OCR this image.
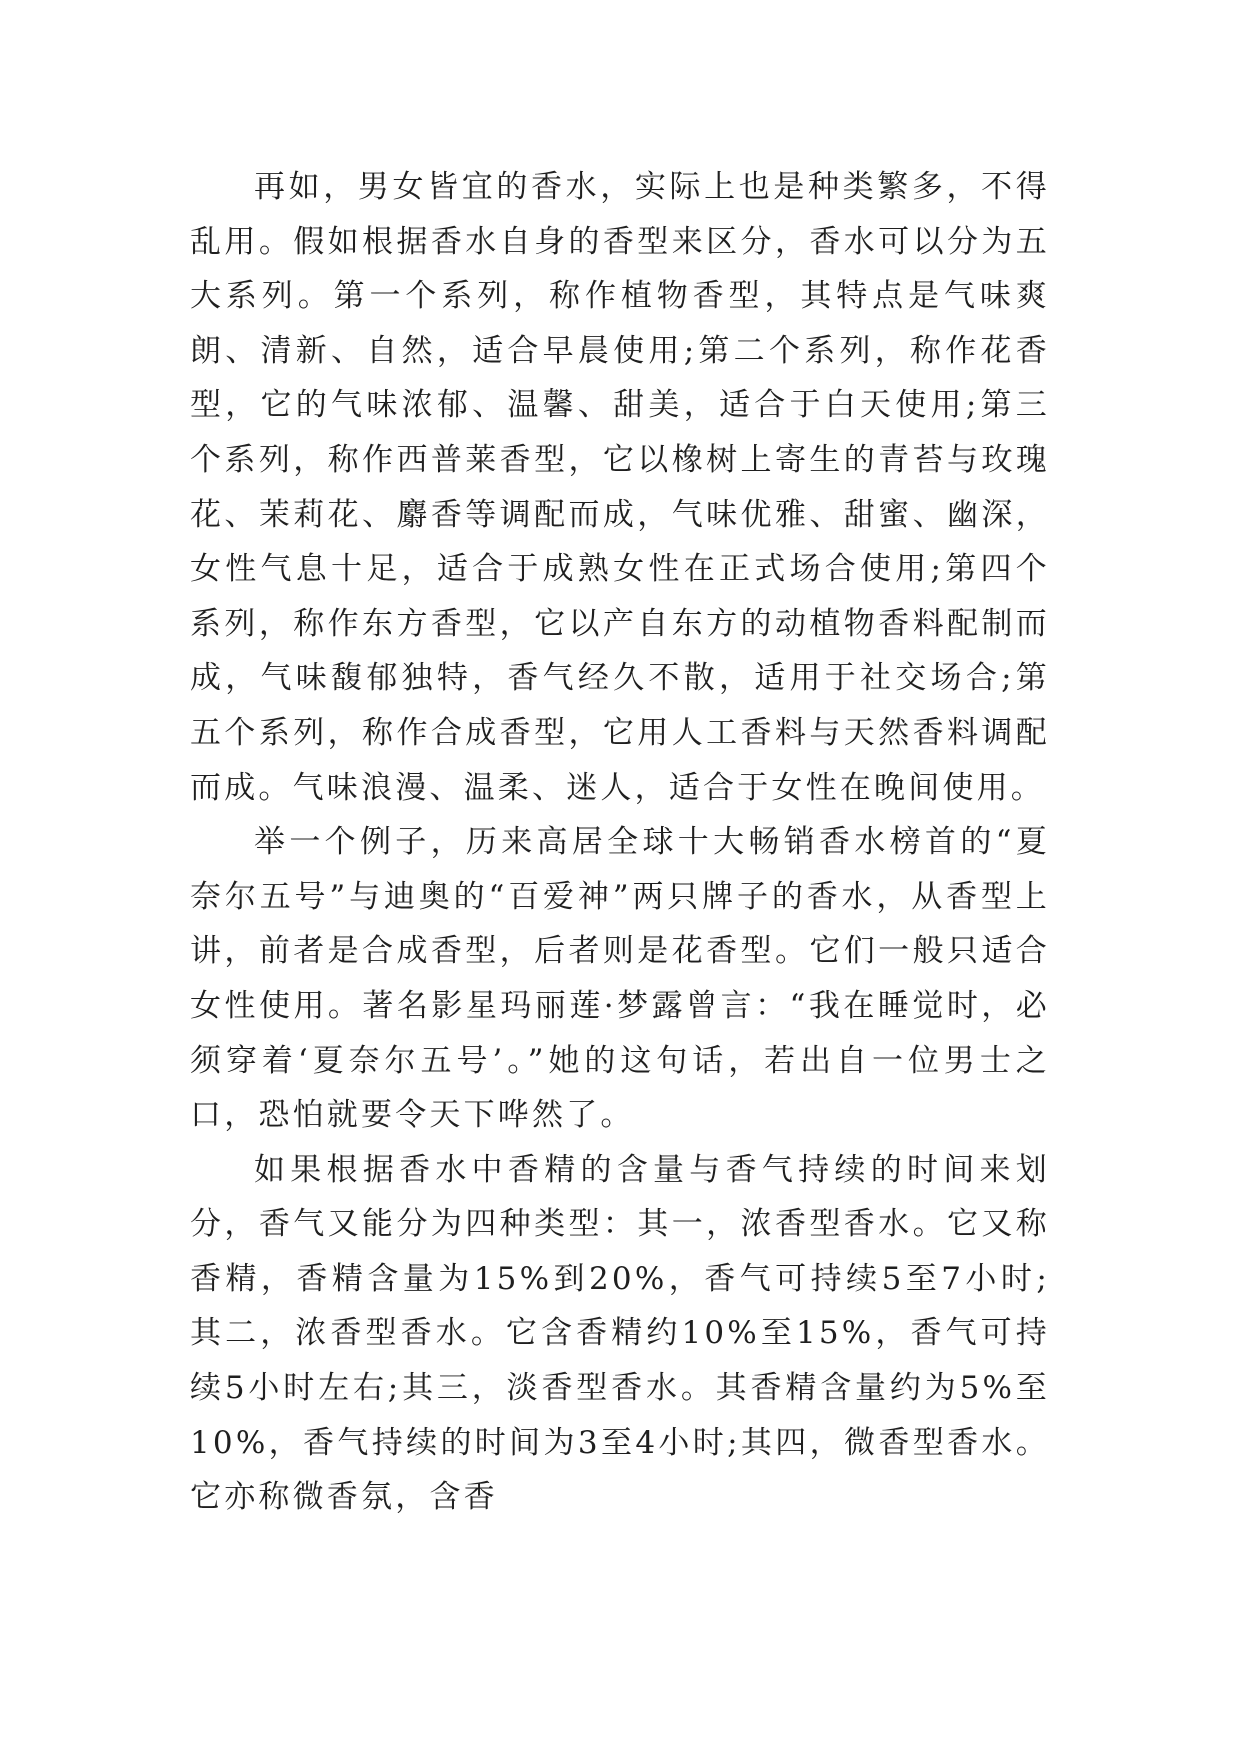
再如，男女皆宜的香水，实际上也是种类繁多，不得乱用。假如根据香水自身的香型来区分，香水可以分为五大系列。第一个系列，称作植物香型，其特点是气味爽朗、清新、自然，适合早晨使用;第二个系列，称作花香型，它的气味浓郁、温馨、甜美，适合于白天使用;第三个系列，称作西普莱香型，它以橡树上寄生的青苔与玫瑰花、茉莉花、麝香等调配而成，气味优雅、甜蜜、幽深，女性气息十足，适合于成熟女性在正式场合使用;第四个系列，称作东方香型，它以产自东方的动植物香料配制而成，气味馥郁独特，香气经久不散，适用于社交场合;第五个系列，称作合成香型，它用人工香料与天然香料调配而成。气味浪漫、温柔、迷人，适合于女性在晚间使用。

举一个例子，历来高居全球十大畅销香水榜首的“夏奈尔五号”与迪奥的“百爱神”两只牌子的香水，从香型上讲，前者是合成香型，后者则是花香型。它们一般只适合女性使用。著名影星玛丽莲·梦露曾言：“我在睡觉时，必须穿着‘夏奈尔五号’。”她的这句话，若出自一位男士之口，恐怕就要令天下哗然了。

如果根据香水中香精的含量与香气持续的时间来划分，香气又能分为四种类型：其一，浓香型香水。它又称香精，香精含量为15%到20%，香气可持续5至7小时;其二，浓香型香水。它含香精约10%至15%，香气可持续5小时左右;其三，淡香型香水。其香精含量约为5%至10%，香气持续的时间为3至4小时;其四，微香型香水。它亦称微香氛，含香
